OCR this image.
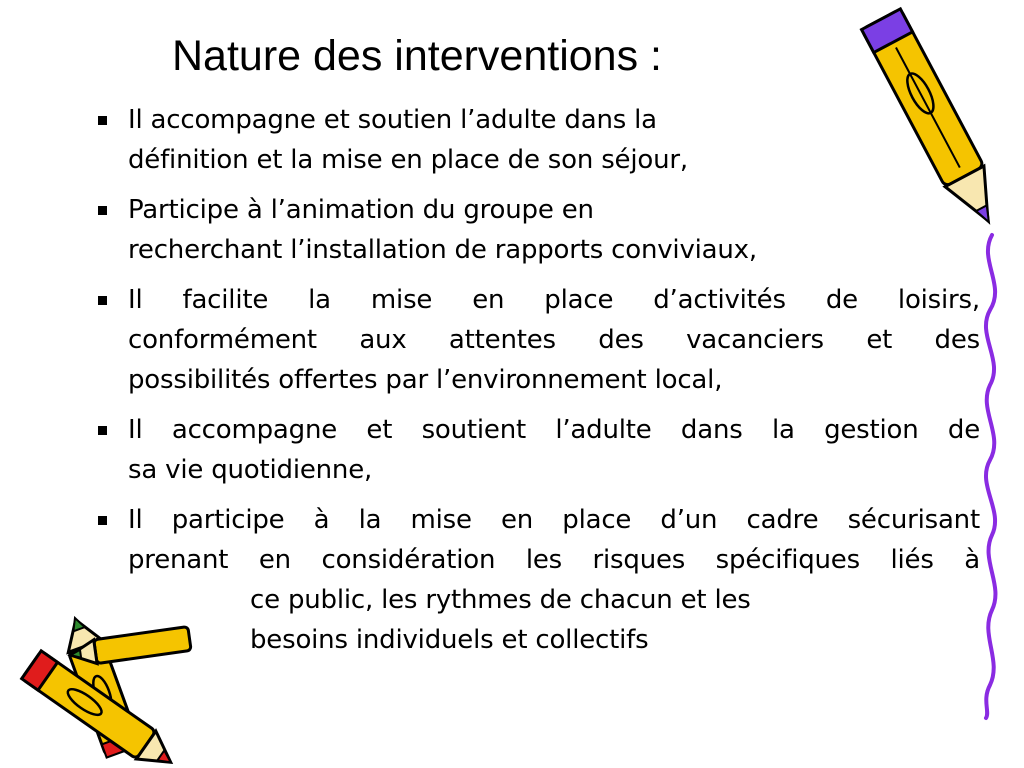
Nature des interventions :
Il accompagne et soutien l’adulte dans la
définition et la mise en place de son séjour,
Participe à l’animation du groupe en
recherchant l’installation de rapports conviviaux,
Il facilite la mise en place d’activités de loisirs,
conformément aux attentes des vacanciers et des
possibilités offertes par l’environnement local,
Il accompagne et soutient l’adulte dans la gestion de
sa vie quotidienne,
Il participe à la mise en place d’un cadre sécurisant
prenant en considération les risques spécifiques liés à
ce public, les rythmes de chacun et les
besoins individuels et collectifs
